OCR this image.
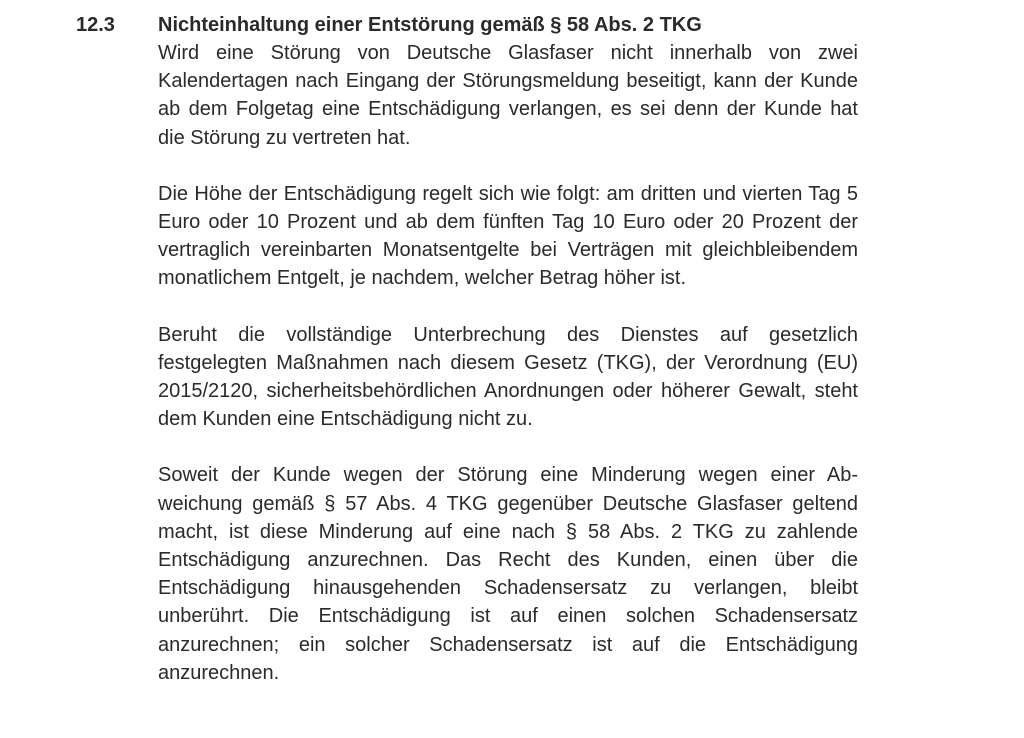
12.3 Nichteinhaltung einer Entstörung gemäß § 58 Abs. 2 TKG

Wird eine Störung von Deutsche Glasfaser nicht innerhalb von zwei Kalendertagen nach Eingang der Störungsmeldung beseitigt, kann der Kunde ab dem Folgetag eine Entschädigung verlangen, es sei denn der Kunde hat die Störung zu vertreten hat.

Die Höhe der Entschädigung regelt sich wie folgt: am dritten und vierten Tag 5 Euro oder 10 Prozent und ab dem fünften Tag 10 Euro oder 20 Prozent der vertraglich vereinbarten Monatsentgelte bei Verträgen mit gleichbleibendem monatlichem Entgelt, je nachdem, welcher Betrag höher ist.

Beruht die vollständige Unterbrechung des Dienstes auf gesetzlich festgelegten Maßnahmen nach diesem Gesetz (TKG), der Verordnung (EU) 2015/2120, sicherheitsbehördlichen Anordnungen oder höherer Gewalt, steht dem Kunden eine Entschädigung nicht zu.

Soweit der Kunde wegen der Störung eine Minderung wegen einer Abweichung gemäß § 57 Abs. 4 TKG gegenüber Deutsche Glasfaser geltend macht, ist diese Minderung auf eine nach § 58 Abs. 2 TKG zu zahlende Entschädigung anzurechnen. Das Recht des Kunden, einen über die Entschädigung hinausgehenden Schadensersatz zu verlangen, bleibt unberührt. Die Entschädigung ist auf einen solchen Schadensersatz anzurechnen; ein solcher Schadensersatz ist auf die Entschädigung anzurechnen.
